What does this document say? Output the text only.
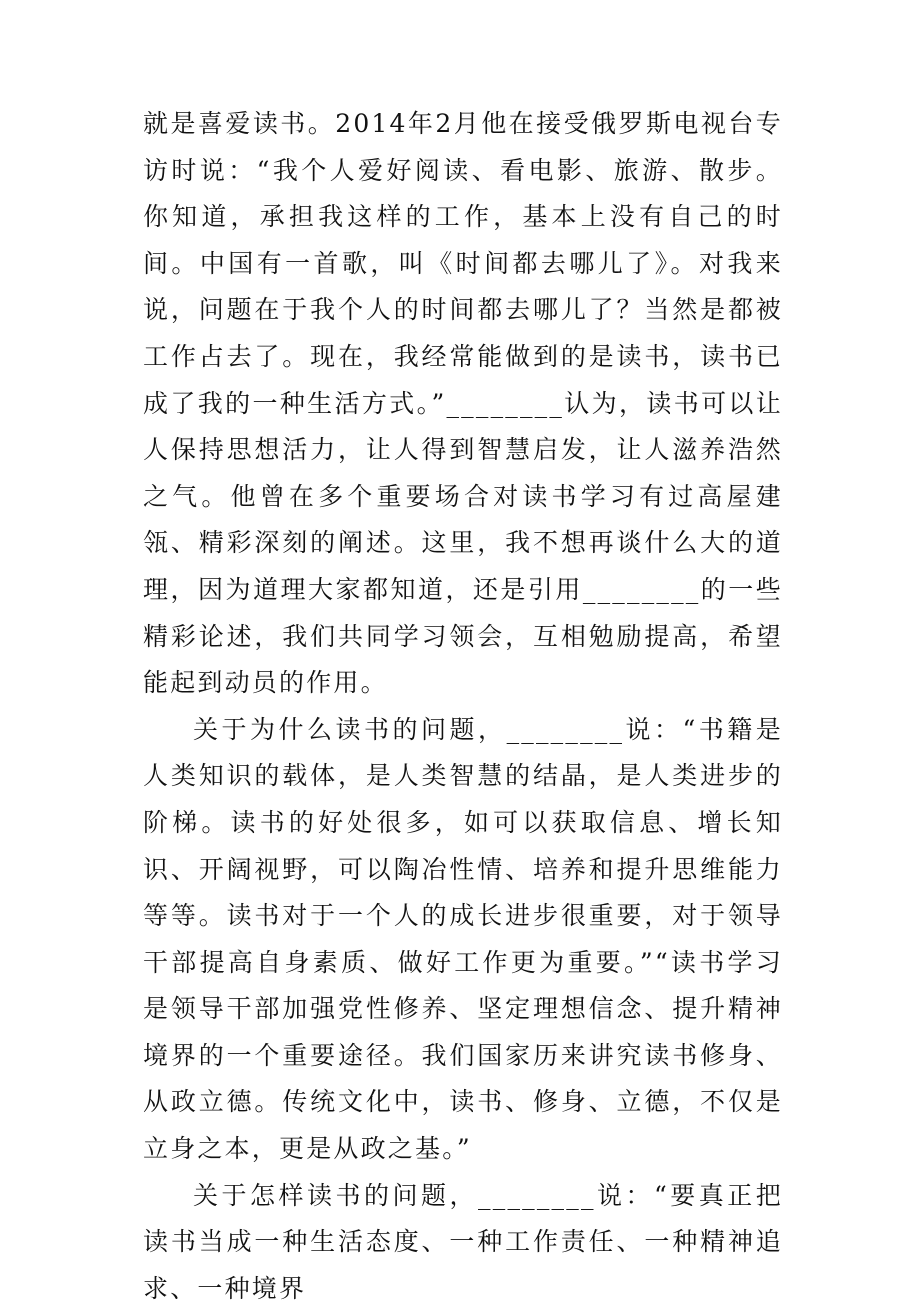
就是喜爱读书。2014年2月他在接受俄罗斯电视台专访时说：“我个人爱好阅读、看电影、旅游、散步。你知道，承担我这样的工作，基本上没有自己的时间。中国有一首歌，叫《时间都去哪儿了》。对我来说，问题在于我个人的时间都去哪儿了？当然是都被工作占去了。现在，我经常能做到的是读书，读书已成了我的一种生活方式。”________认为，读书可以让人保持思想活力，让人得到智慧启发，让人滋养浩然之气。他曾在多个重要场合对读书学习有过高屋建瓴、精彩深刻的阐述。这里，我不想再谈什么大的道理，因为道理大家都知道，还是引用________的一些精彩论述，我们共同学习领会，互相勉励提高，希望能起到动员的作用。

关于为什么读书的问题，________说：“书籍是人类知识的载体，是人类智慧的结晶，是人类进步的阶梯。读书的好处很多，如可以获取信息、增长知识、开阔视野，可以陶冶性情、培养和提升思维能力等等。读书对于一个人的成长进步很重要，对于领导干部提高自身素质、做好工作更为重要。”“读书学习是领导干部加强党性修养、坚定理想信念、提升精神境界的一个重要途径。我们国家历来讲究读书修身、从政立德。传统文化中，读书、修身、立德，不仅是立身之本，更是从政之基。”

关于怎样读书的问题，________说：“要真正把读书当成一种生活态度、一种工作责任、一种精神追求、一种境界
